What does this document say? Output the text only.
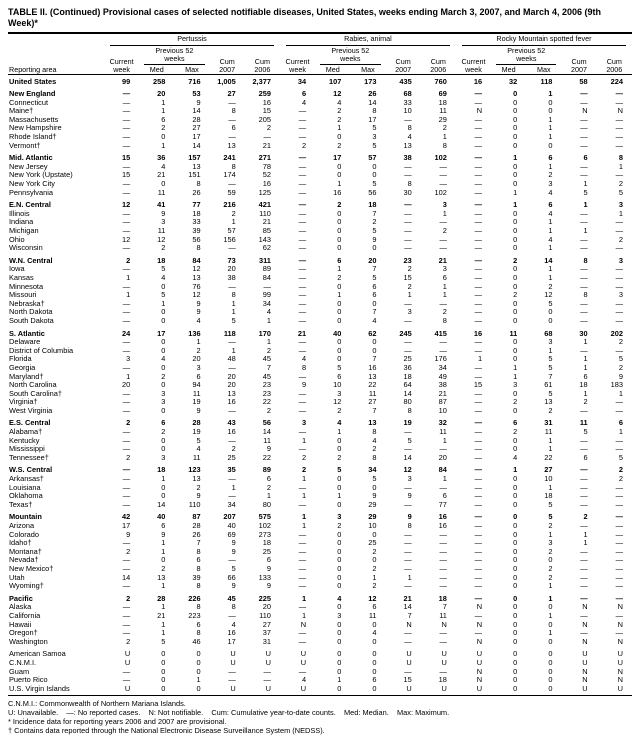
TABLE II. (Continued) Provisional cases of selected notifiable diseases, United States, weeks ending March 3, 2007, and March 4, 2006 (9th Week)*
Reporting area	Pertussis					Rabies, animal					Rocky Mountain spotted fever				

	Current week	Previous 52 weeks		Cum 2007	Cum 2006	Current week	Previous 52 weeks		Cum 2007	Cum 2006	Current week	Previous 52 weeks		Cum 2007	Cum 2006

		Med	Max				Med	Max				Med	Max		
United States	99	258	716	1,005	2,377	34	107	173	435	760	16	32	118	58	224
New England	—	20	53	27	259	6	12	26	68	69	—	0	1	—	—
Connecticut	—	1	9	—	16	4	4	14	33	18	—	0	0	—	—
Maine†	—	1	14	8	15	—	2	8	10	11	N	0	0	N	N
Massachusetts	—	6	28	—	205	—	2	17	—	29	—	0	1	—	—
New Hampshire	—	2	27	6	2	—	1	5	8	2	—	0	1	—	—
Rhode Island†	—	0	17	—	—	—	0	3	4	1	—	0	1	—	—
Vermont†	—	1	14	13	21	2	2	5	13	8	—	0	0	—	—
Mid. Atlantic	15	36	157	241	271	—	17	57	38	102	—	1	6	6	8
New Jersey	—	4	13	8	78	—	0	0	—	—	—	0	1	—	1
New York (Upstate)	15	21	151	174	52	—	0	0	—	—	—	0	2	—	—
New York City	—	0	8	—	16	—	1	5	8	—	—	0	3	1	2
Pennsylvania	—	11	26	59	125	—	16	56	30	102	—	1	4	5	5
E.N. Central	12	41	77	216	421	—	2	18	—	3	—	1	6	1	3
Illinois	—	9	18	2	110	—	0	7	—	1	—	0	4	—	1
Indiana	—	3	33	1	21	—	0	2	—	—	—	0	1	—	—
Michigan	—	11	39	57	85	—	0	5	—	2	—	0	1	1	—
Ohio	12	12	56	156	143	—	0	9	—	—	—	0	4	—	2
Wisconsin	—	2	8	—	62	—	0	0	—	—	—	0	1	—	—
W.N. Central	2	18	84	73	311	—	6	20	23	21	—	2	14	8	3
Iowa	—	5	12	20	89	—	1	7	2	3	—	0	1	—	—
Kansas	1	4	13	38	84	—	2	5	15	6	—	0	1	—	—
Minnesota	—	0	76	—	—	—	0	6	2	1	—	0	2	—	—
Missouri	1	5	12	8	99	—	1	6	1	1	—	2	12	8	3
Nebraska†	—	1	9	1	34	—	0	0	—	—	—	0	5	—	—
North Dakota	—	0	9	1	4	—	0	7	3	2	—	0	0	—	—
South Dakota	—	0	4	5	1	—	0	4	—	8	—	0	0	—	—
S. Atlantic	24	17	136	118	170	21	40	62	245	415	16	11	68	30	202
Delaware	—	0	1	—	1	—	0	0	—	—	—	0	3	1	2
District of Columbia	—	0	2	1	2	—	0	0	—	—	—	0	1	—	—
Florida	3	4	20	48	45	4	0	7	25	176	1	0	5	1	5
Georgia	—	0	3	—	7	8	5	16	36	34	—	1	5	1	2
Maryland†	1	2	6	20	45	—	6	13	18	49	—	1	7	6	9
North Carolina	20	0	94	20	23	9	10	22	64	38	15	3	61	18	183
South Carolina†	—	3	11	13	23	—	3	11	14	21	—	0	5	1	1
Virginia†	—	3	19	16	22	—	12	27	80	87	—	2	13	2	—
West Virginia	—	0	9	—	2	—	2	7	8	10	—	0	2	—	—
E.S. Central	2	6	28	43	56	3	4	13	19	32	—	6	31	11	6
Alabama†	—	2	19	16	14	—	1	8	—	11	—	2	11	5	1
Kentucky	—	0	5	—	11	1	0	4	5	1	—	0	1	—	—
Mississippi	—	0	4	2	9	—	0	2	—	—	—	0	1	—	—
Tennessee†	2	3	11	25	22	2	2	8	14	20	—	4	22	6	5
W.S. Central	—	18	123	35	89	2	5	34	12	84	—	1	27	—	2
Arkansas†	—	1	13	—	6	1	0	5	3	1	—	0	10	—	2
Louisiana	—	0	2	1	2	—	0	0	—	—	—	0	1	—	—
Oklahoma	—	0	9	—	1	1	1	9	9	6	—	0	18	—	—
Texas†	—	14	110	34	80	—	0	29	—	77	—	0	5	—	—
Mountain	42	40	87	207	575	1	3	29	9	16	—	0	5	2	—
Arizona	17	6	28	40	102	1	2	10	8	16	—	0	2	—	—
Colorado	9	9	26	69	273	—	0	0	—	—	—	0	1	1	—
Idaho†	—	1	7	9	18	—	0	25	—	—	—	0	3	1	—
Montana†	2	1	8	9	25	—	0	2	—	—	—	0	2	—	—
Nevada†	—	0	6	—	6	—	0	0	—	—	—	0	0	—	—
New Mexico†	—	2	8	5	9	—	0	2	—	—	—	0	2	—	—
Utah	14	13	39	66	133	—	0	1	1	—	—	0	2	—	—
Wyoming†	—	1	8	9	9	—	0	2	—	—	—	0	1	—	—
Pacific	2	28	226	45	225	1	4	12	21	18	—	0	1	—	—
Alaska	—	1	8	8	20	—	0	6	14	7	N	0	0	N	N
California	—	21	223	—	110	1	3	11	7	11	—	0	1	—	—
Hawaii	—	1	6	4	27	N	0	0	N	N	N	0	0	N	N
Oregon†	—	1	8	16	37	—	0	4	—	—	—	0	1	—	—
Washington	2	5	46	17	31	—	0	0	—	—	N	0	0	N	N
American Samoa	U	0	0	U	U	U	0	0	U	U	U	0	0	U	U
C.N.M.I.	U	0	0	U	U	U	0	0	U	U	U	0	0	U	U
Guam	—	0	0	—	—	—	0	0	—	—	N	0	0	N	N
Puerto Rico	—	0	1	—	—	4	1	6	15	18	N	0	0	N	N
U.S. Virgin Islands	U	0	0	U	U	U	0	0	U	U	U	0	0	U	U
C.N.M.I.: Commonwealth of Northern Mariana Islands.
U: Unavailable.    —: No reported cases.    N: Not notifiable.    Cum: Cumulative year-to-date counts.    Med: Median.    Max: Maximum.
* Incidence data for reporting years 2006 and 2007 are provisional.
† Contains data reported through the National Electronic Disease Surveillance System (NEDSS).
